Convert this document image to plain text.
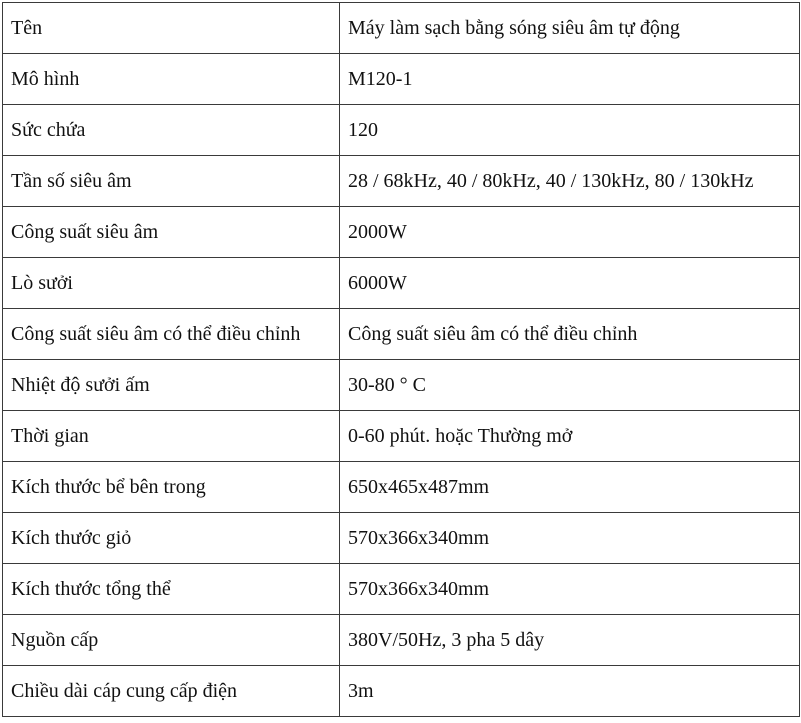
Tên	Máy làm sạch bằng sóng siêu âm tự động
Mô hình	M120-1
Sức chứa	120
Tần số siêu âm	28 / 68kHz, 40 / 80kHz, 40 / 130kHz, 80 / 130kHz
Công suất siêu âm	2000W
Lò sưởi	6000W
Công suất siêu âm có thể điều chỉnh	Công suất siêu âm có thể điều chỉnh
Nhiệt độ sưởi ấm	30-80 ° C
Thời gian	0-60 phút. hoặc Thường mở
Kích thước bể bên trong	650x465x487mm
Kích thước giỏ	570x366x340mm
Kích thước tổng thể	570x366x340mm
Nguồn cấp	380V/50Hz, 3 pha 5 dây
Chiều dài cáp cung cấp điện	3m
